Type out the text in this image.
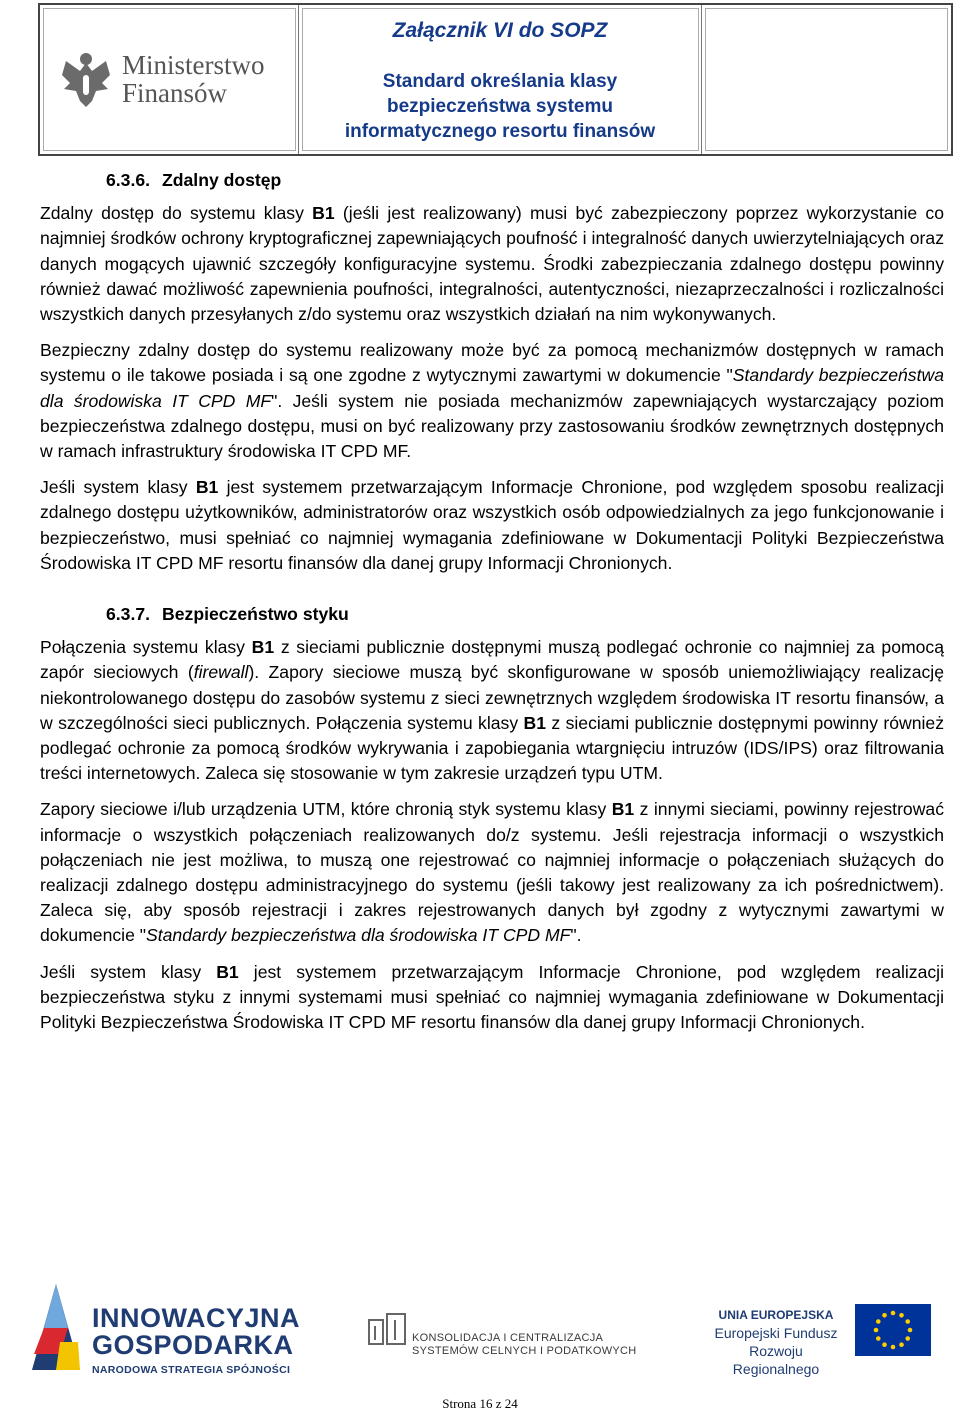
Ministerstwo
Finansów
Załącznik VI do SOPZ
Standard określania klasy
bezpieczeństwa systemu
informatycznego resortu finansów
6.3.6. Zdalny dostęp

Zdalny dostęp do systemu klasy B1 (jeśli jest realizowany) musi być zabezpieczony poprzez wykorzystanie co najmniej środków ochrony kryptograficznej zapewniających poufność i integralność danych uwierzytelniających oraz danych mogących ujawnić szczegóły konfiguracyjne systemu. Środki zabezpieczania zdalnego dostępu powinny również dawać możliwość zapewnienia poufności, integralności, autentyczności, niezaprzeczalności i rozliczalności wszystkich danych przesyłanych z/do systemu oraz wszystkich działań na nim wykonywanych.

Bezpieczny zdalny dostęp do systemu realizowany może być za pomocą mechanizmów dostępnych w ramach systemu o ile takowe posiada i są one zgodne z wytycznymi zawartymi w dokumencie "Standardy bezpieczeństwa dla środowiska IT CPD MF". Jeśli system nie posiada mechanizmów zapewniających wystarczający poziom bezpieczeństwa zdalnego dostępu, musi on być realizowany przy zastosowaniu środków zewnętrznych dostępnych w ramach infrastruktury środowiska IT CPD MF.

Jeśli system klasy B1 jest systemem przetwarzającym Informacje Chronione, pod względem sposobu realizacji zdalnego dostępu użytkowników, administratorów oraz wszystkich osób odpowiedzialnych za jego funkcjonowanie i bezpieczeństwo, musi spełniać co najmniej wymagania zdefiniowane w Dokumentacji Polityki Bezpieczeństwa Środowiska IT CPD MF resortu finansów dla danej grupy Informacji Chronionych.

6.3.7. Bezpieczeństwo styku

Połączenia systemu klasy B1 z sieciami publicznie dostępnymi muszą podlegać ochronie co najmniej za pomocą zapór sieciowych (firewall). Zapory sieciowe muszą być skonfigurowane w sposób uniemożliwiający realizację niekontrolowanego dostępu do zasobów systemu z sieci zewnętrznych względem środowiska IT resortu finansów, a w szczególności sieci publicznych. Połączenia systemu klasy B1 z sieciami publicznie dostępnymi powinny również podlegać ochronie za pomocą środków wykrywania i zapobiegania wtargnięciu intruzów (IDS/IPS) oraz filtrowania treści internetowych. Zaleca się stosowanie w tym zakresie urządzeń typu UTM.

Zapory sieciowe i/lub urządzenia UTM, które chronią styk systemu klasy B1 z innymi sieciami, powinny rejestrować informacje o wszystkich połączeniach realizowanych do/z systemu. Jeśli rejestracja informacji o wszystkich połączeniach nie jest możliwa, to muszą one rejestrować co najmniej informacje o połączeniach służących do realizacji zdalnego dostępu administracyjnego do systemu (jeśli takowy jest realizowany za ich pośrednictwem). Zaleca się, aby sposób rejestracji i zakres rejestrowanych danych był zgodny z wytycznymi zawartymi w dokumencie "Standardy bezpieczeństwa dla środowiska IT CPD MF".

Jeśli system klasy B1 jest systemem przetwarzającym Informacje Chronione, pod względem realizacji bezpieczeństwa styku z innymi systemami musi spełniać co najmniej wymagania zdefiniowane w Dokumentacji Polityki Bezpieczeństwa Środowiska IT CPD MF resortu finansów dla danej grupy Informacji Chronionych.

INNOWACYJNA
GOSPODARKA
NARODOWA STRATEGIA SPÓJNOŚCI
KONSOLIDACJA I CENTRALIZACJA
SYSTEMÓW CELNYCH I PODATKOWYCH
UNIA EUROPEJSKA
Europejski Fundusz
Rozwoju Regionalnego
Strona 16 z 24
